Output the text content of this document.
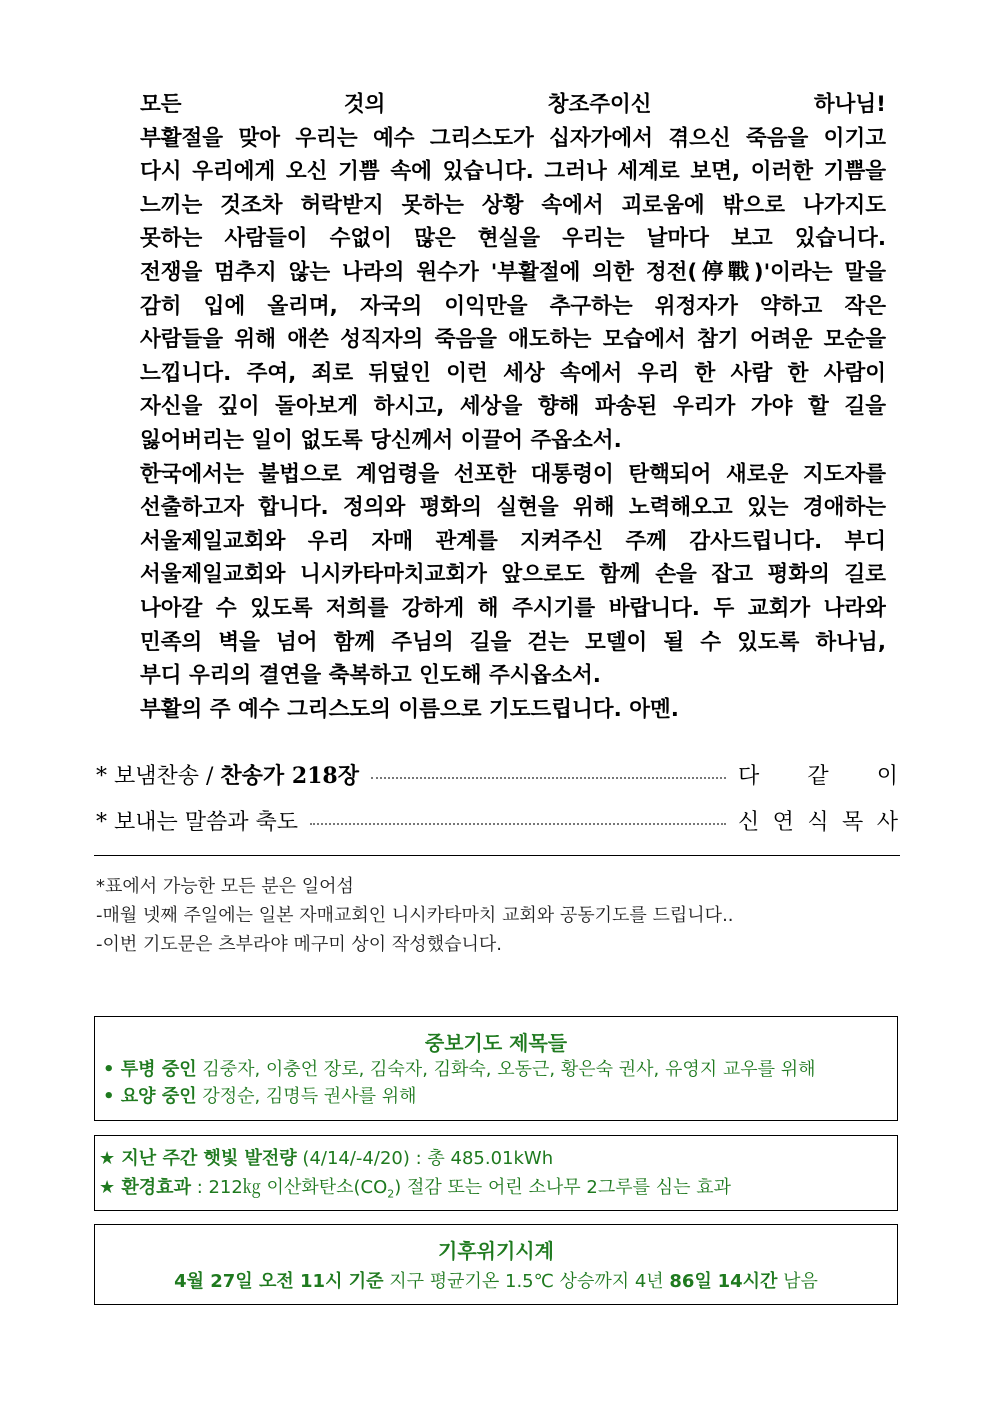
모든 것의 창조주이신 하나님!
부활절을 맞아 우리는 예수 그리스도가 십자가에서 겪으신 죽음을 이기고
다시 우리에게 오신 기쁨 속에 있습니다. 그러나 세계로 보면, 이러한 기쁨을
느끼는 것조차 허락받지 못하는 상황 속에서 괴로움에 밖으로 나가지도
못하는 사람들이 수없이 많은 현실을 우리는 날마다 보고 있습니다.
전쟁을 멈추지 않는 나라의 원수가 '부활절에 의한 정전(停戰)'이라는 말을
감히 입에 올리며, 자국의 이익만을 추구하는 위정자가 약하고 작은
사람들을 위해 애쓴 성직자의 죽음을 애도하는 모습에서 참기 어려운 모순을
느낍니다. 주여, 죄로 뒤덮인 이런 세상 속에서 우리 한 사람 한 사람이
자신을 깊이 돌아보게 하시고, 세상을 향해 파송된 우리가 가야 할 길을
잃어버리는 일이 없도록 당신께서 이끌어 주옵소서.
한국에서는 불법으로 계엄령을 선포한 대통령이 탄핵되어 새로운 지도자를
선출하고자 합니다. 정의와 평화의 실현을 위해 노력해오고 있는 경애하는
서울제일교회와 우리 자매 관계를 지켜주신 주께 감사드립니다. 부디
서울제일교회와 니시카타마치교회가 앞으로도 함께 손을 잡고 평화의 길로
나아갈 수 있도록 저희를 강하게 해 주시기를 바랍니다. 두 교회가 나라와
민족의 벽을 넘어 함께 주님의 길을 걷는 모델이 될 수 있도록 하나님,
부디 우리의 결연을 축복하고 인도해 주시옵소서.
부활의 주 예수 그리스도의 이름으로 기도드립니다. 아멘.
* 보냄찬송 / 찬송가 218장	다 같 이
* 보내는 말씀과 축도	신 연 식 목 사
*표에서 가능한 모든 분은 일어섬
-매월 넷째 주일에는 일본 자매교회인 니시카타마치 교회와 공동기도를 드립니다..
-이번 기도문은 츠부라야 메구미 상이 작성했습니다.
중보기도 제목들
• 투병 중인 김중자, 이충언 장로, 김숙자, 김화숙, 오동근, 황은숙 권사, 유영지 교우를 위해
• 요양 중인 강정순, 김명득 권사를 위해
★ 지난 주간 햇빛 발전량 (4/14/-4/20) : 총 485.01kWh
★ 환경효과 : 212㎏ 이산화탄소$(CO_2)$ 절감 또는 어린 소나무 2그루를 심는 효과
기후위기시계
4월 27일 오전 11시 기준 지구 평균기온 1.5℃ 상승까지 4년 86일 14시간 남음
